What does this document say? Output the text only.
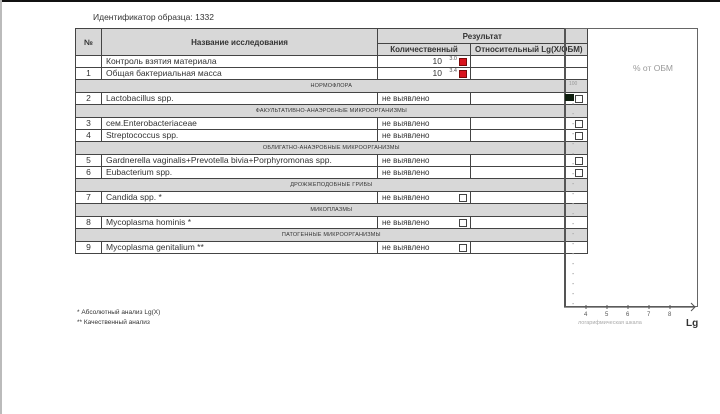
Идентификатор образца: 1332
№	Название исследования	Результат	
		Количественный	Относительный Lg(X/ОБМ)
	Контроль взятия материала	10 3.0	

1	Общая бактериальная масса	10 3.4	

НОРМОФЛОРА			
2	Lactobacillus spp.	не выявлено	

ФАКУЛЬТАТИВНО-АНАЭРОБНЫЕ МИКРООРГАНИЗМЫ			
3	сем.Enterobacteriaceae	не выявлено	

4	Streptococcus spp.	не выявлено	

ОБЛИГАТНО-АНАЭРОБНЫЕ МИКРООРГАНИЗМЫ			
5	Gardnerella vaginalis+Prevotella bivia+Porphyromonas spp.	не выявлено	

6	Eubacterium spp.	не выявлено	

ДРОЖЖЕПОДОБНЫЕ ГРИБЫ			
7	Candida spp. *	не выявлено

МИКОПЛАЗМЫ			
8	Mycoplasma hominis *	не выявлено

ПАТОГЕННЫЕ МИКРООРГАНИЗМЫ			
9	Mycoplasma genitalium **	не выявлено

* Абсолютный анализ Lg(X)
** Качественный анализ
% от ОБМ
100
4	5	6	7	8
логарифмическая шкала	Lg
